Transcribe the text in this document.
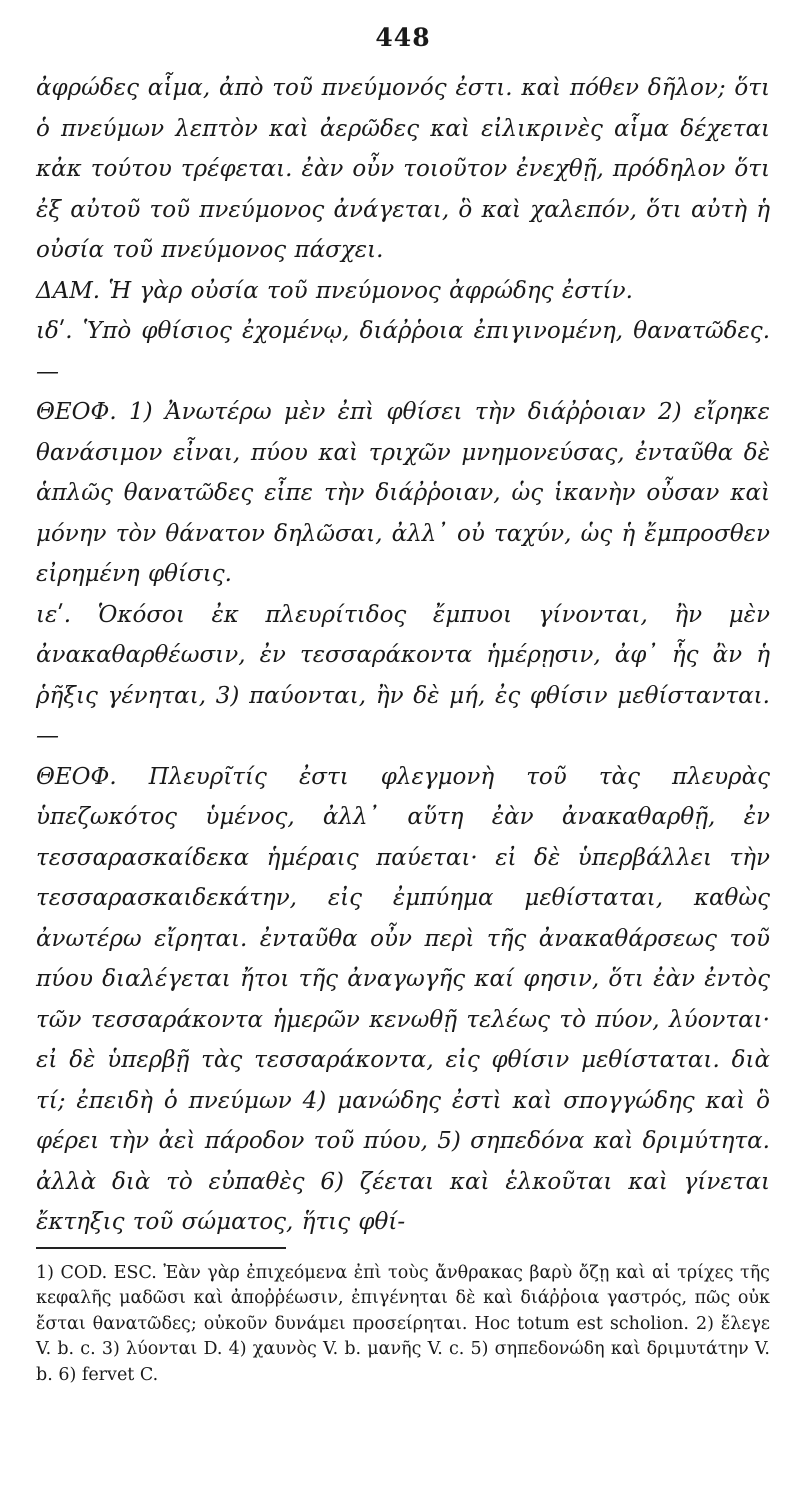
448

ἀφρώδες αἷμα, ἀπὸ τοῦ πνεύμονός ἐστι. καὶ πόθεν δῆλον; ὅτι ὁ πνεύμων λεπτὸν καὶ ἀερῶδες καὶ εἰλικρινὲς αἷμα δέχεται κἀκ τούτου τρέφεται. ἐὰν οὖν τοιοῦτον ἐνεχθῇ, πρόδηλον ὅτι ἐξ αὐτοῦ τοῦ πνεύμονος ἀνάγεται, ὃ καὶ χαλεπόν, ὅτι αὐτὴ ἡ οὐσία τοῦ πνεύμονος πάσχει.

ΔΑΜ. Ἡ γὰρ οὐσία τοῦ πνεύμονος ἀφρώδης ἐστίν.

ιδʹ. Ὑπὸ φθίσιος ἐχομένῳ, διάῤῥοια ἐπιγινομένη, θανατῶδες. —

ΘΕΟΦ. 1) Ἀνωτέρω μὲν ἐπὶ φθίσει τὴν διάῤῥοιαν 2) εἴρηκε θανάσιμον εἶναι, πύου καὶ τριχῶν μνημονεύσας, ἐνταῦθα δὲ ἁπλῶς θανατῶδες εἶπε τὴν διάῤῥοιαν, ὡς ἱκανὴν οὖσαν καὶ μόνην τὸν θάνατον δηλῶσαι, ἀλλ᾽ οὐ ταχύν, ὡς ἡ ἔμπροσθεν εἰρημένη φθίσις.

ιεʹ. Ὁκόσοι ἐκ πλευρίτιδος ἔμπυοι γίνονται, ἢν μὲν ἀνακαθαρθέωσιν, ἐν τεσσαράκοντα ἡμέρῃσιν, ἀφ᾽ ἧς ἂν ἡ ῥῆξις γένηται, 3) παύονται, ἢν δὲ μή, ἐς φθίσιν μεθίστανται. —

ΘΕΟΦ. Πλευρῖτίς ἐστι φλεγμονὴ τοῦ τὰς πλευρὰς ὑπεζωκότος ὑμένος, ἀλλ᾽ αὕτη ἐὰν ἀνακαθαρθῇ, ἐν τεσσαρασκαίδεκα ἡμέραις παύεται· εἰ δὲ ὑπερβάλλει τὴν τεσσαρασκαιδεκάτην, εἰς ἐμπύημα μεθίσταται, καθὼς ἀνωτέρω εἴρηται. ἐνταῦθα οὖν περὶ τῆς ἀνακαθάρσεως τοῦ πύου διαλέγεται ἤτοι τῆς ἀναγωγῆς καί φησιν, ὅτι ἐὰν ἐντὸς τῶν τεσσαράκοντα ἡμερῶν κενωθῇ τελέως τὸ πύον, λύονται· εἰ δὲ ὑπερβῇ τὰς τεσσαράκοντα, εἰς φθίσιν μεθίσταται. διὰ τί; ἐπειδὴ ὁ πνεύμων 4) μανώδης ἐστὶ καὶ σπογγώδης καὶ ὃ φέρει τὴν ἀεὶ πάροδον τοῦ πύου, 5) σηπεδόνα καὶ δριμύτητα. ἀλλὰ διὰ τὸ εὐπαθὲς 6) ζέεται καὶ ἑλκοῦται καὶ γίνεται ἔκτηξις τοῦ σώματος, ἥτις φθί-

1) COD. ESC. Ἐὰν γὰρ ἐπιχεόμενα ἐπὶ τοὺς ἄνθρακας βαρὺ ὄζῃ καὶ αἱ τρίχες τῆς κεφαλῆς μαδῶσι καὶ ἀποῤῥέωσιν, ἐπιγένηται δὲ καὶ διάῤῥοια γαστρός, πῶς οὐκ ἔσται θανατῶδες; οὐκοῦν δυνάμει προσείρηται. Hoc totum est scholion. 2) ἔλεγε V. b. c. 3) λύονται D. 4) χαυνὸς V. b. μανῆς V. c. 5) σηπεδονώδη καὶ δριμυτάτην V. b. 6) fervet C.
